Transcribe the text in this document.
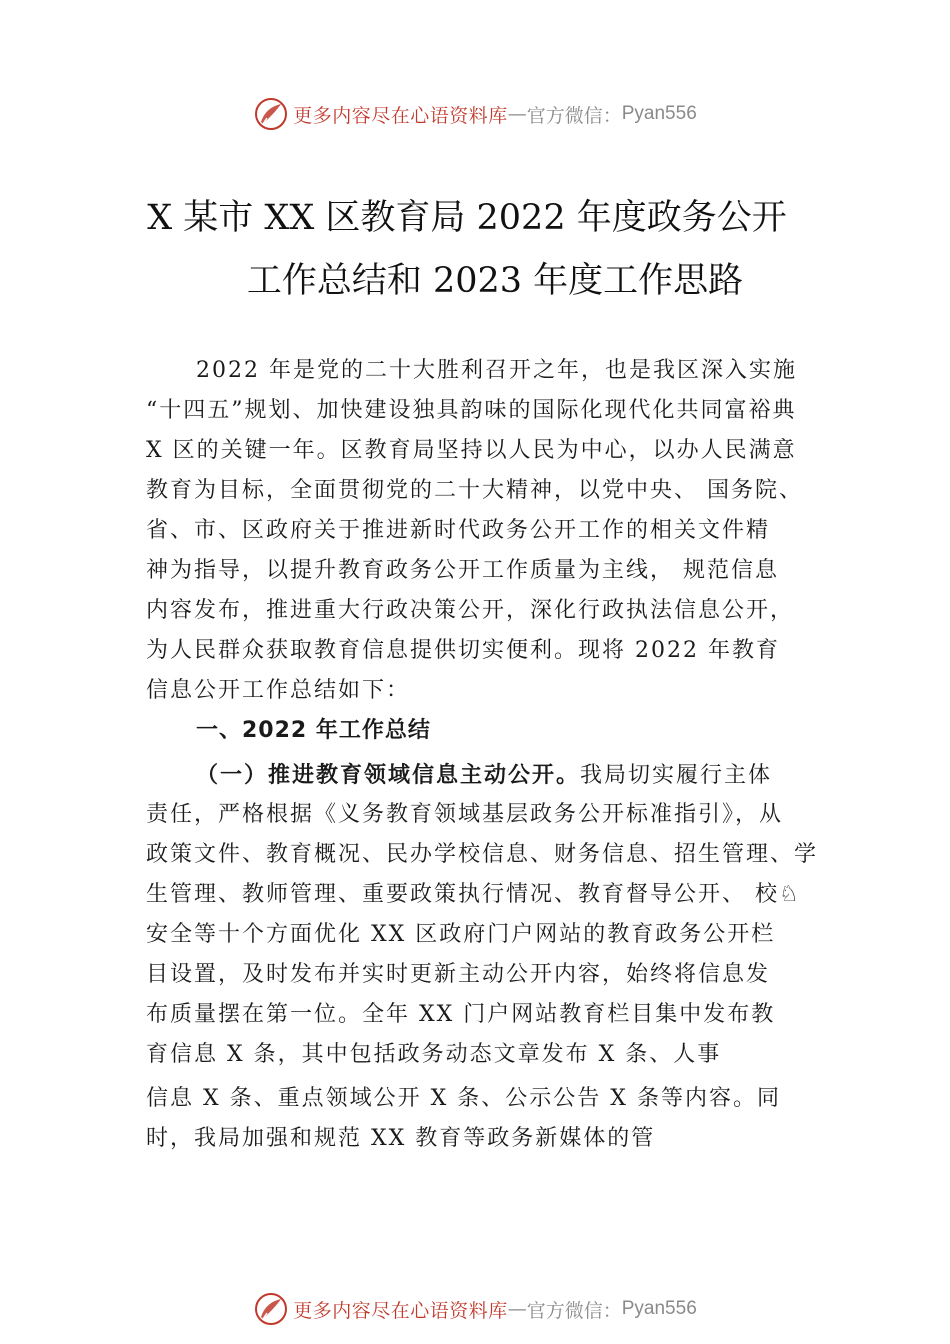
更多内容尽在心语资料库 — 官方微信： Pyan556
X 某市 XX 区教育局 2022 年度政务公开
工作总结和 2023 年度工作思路
2022 年是党的二十大胜利召开之年，也是我区深入实施
“十四五”规划、加快建设独具韵味的国际化现代化共同富裕典
X 区的关键一年。区教育局坚持以人民为中心，以办人民满意
教育为目标，全面贯彻党的二十大精神，以党中央、 国务院、
省、市、区政府关于推进新时代政务公开工作的相关文件精
神为指导，以提升教育政务公开工作质量为主线， 规范信息
内容发布，推进重大行政决策公开，深化行政执法信息公开，
为人民群众获取教育信息提供切实便利。现将 2022 年教育
信息公开工作总结如下：
一、2022 年工作总结
（一）推进教育领域信息主动公开。我局切实履行主体
责任，严格根据《义务教育领域基层政务公开标准指引》，从
政策文件、教育概况、民办学校信息、财务信息、招生管理、学
生管理、教师管理、重要政策执行情况、教育督导公开、 校♘
安全等十个方面优化 XX 区政府门户网站的教育政务公开栏
目设置，及时发布并实时更新主动公开内容，始终将信息发
布质量摆在第一位。全年 XX 门户网站教育栏目集中发布教
育信息 X 条，其中包括政务动态文章发布 X 条、人事
信息 X 条、重点领域公开 X 条、公示公告 X 条等内容。同
时，我局加强和规范 XX 教育等政务新媒体的管
更多内容尽在心语资料库 — 官方微信： Pyan556
